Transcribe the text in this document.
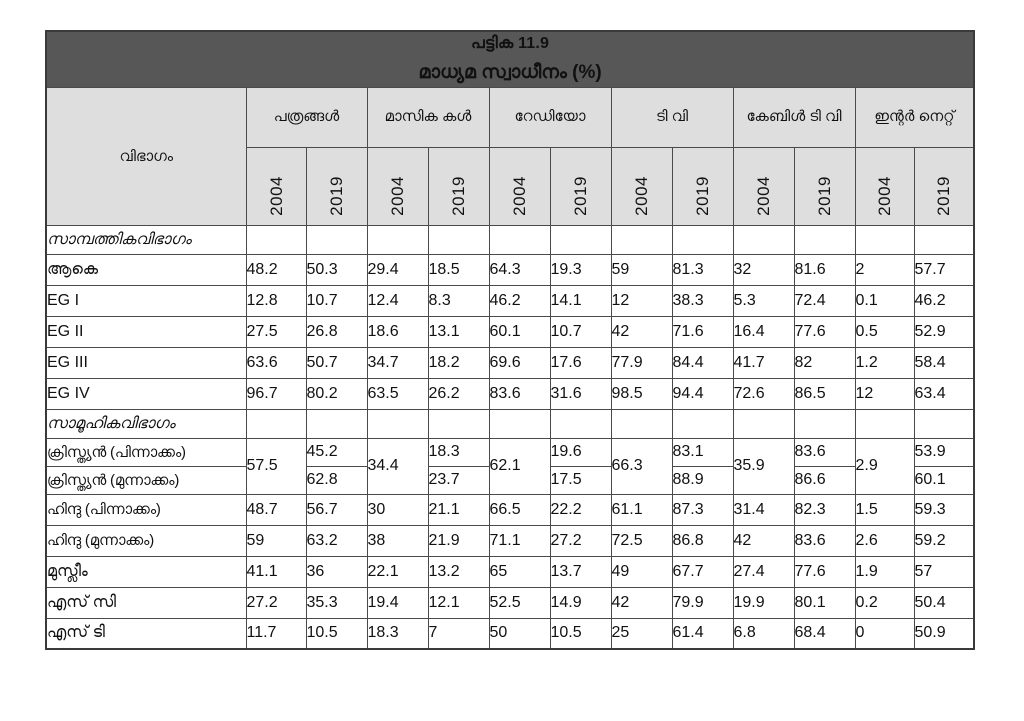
പട്ടിക 11.9
മാധ്യമ സ്വാധീനം (%)												

വിഭാഗം	പത്രങ്ങൾ		മാസിക കൾ		റേഡിയോ		ടി വി		കേബിൾ ടി വി		ഇന്റർ നെറ്റ്	
	2004	2019	2004	2019	2004	2019	2004	2019	2004	2019	2004	2019
സാമ്പത്തികവിഭാഗം												
ആകെ	48.2	50.3	29.4	18.5	64.3	19.3	59	81.3	32	81.6	2	57.7
EG I	12.8	10.7	12.4	8.3	46.2	14.1	12	38.3	5.3	72.4	0.1	46.2
EG II	27.5	26.8	18.6	13.1	60.1	10.7	42	71.6	16.4	77.6	0.5	52.9
EG III	63.6	50.7	34.7	18.2	69.6	17.6	77.9	84.4	41.7	82	1.2	58.4
EG IV	96.7	80.2	63.5	26.2	83.6	31.6	98.5	94.4	72.6	86.5	12	63.4
സാമൂഹികവിഭാഗം												
ക്രിസ്ത്യൻ (പിന്നാക്കം)	57.5	45.2	34.4	18.3	62.1	19.6	66.3	83.1	35.9	83.6	2.9	53.9
ക്രിസ്ത്യൻ (മുന്നാക്കം)		62.8		23.7		17.5		88.9		86.6		60.1
ഹിന്ദു (പിന്നാക്കം)	48.7	56.7	30	21.1	66.5	22.2	61.1	87.3	31.4	82.3	1.5	59.3
ഹിന്ദു (മുന്നാക്കം)	59	63.2	38	21.9	71.1	27.2	72.5	86.8	42	83.6	2.6	59.2
മുസ്ലീം	41.1	36	22.1	13.2	65	13.7	49	67.7	27.4	77.6	1.9	57
എസ് സി	27.2	35.3	19.4	12.1	52.5	14.9	42	79.9	19.9	80.1	0.2	50.4
എസ് ടി	11.7	10.5	18.3	7	50	10.5	25	61.4	6.8	68.4	0	50.9
